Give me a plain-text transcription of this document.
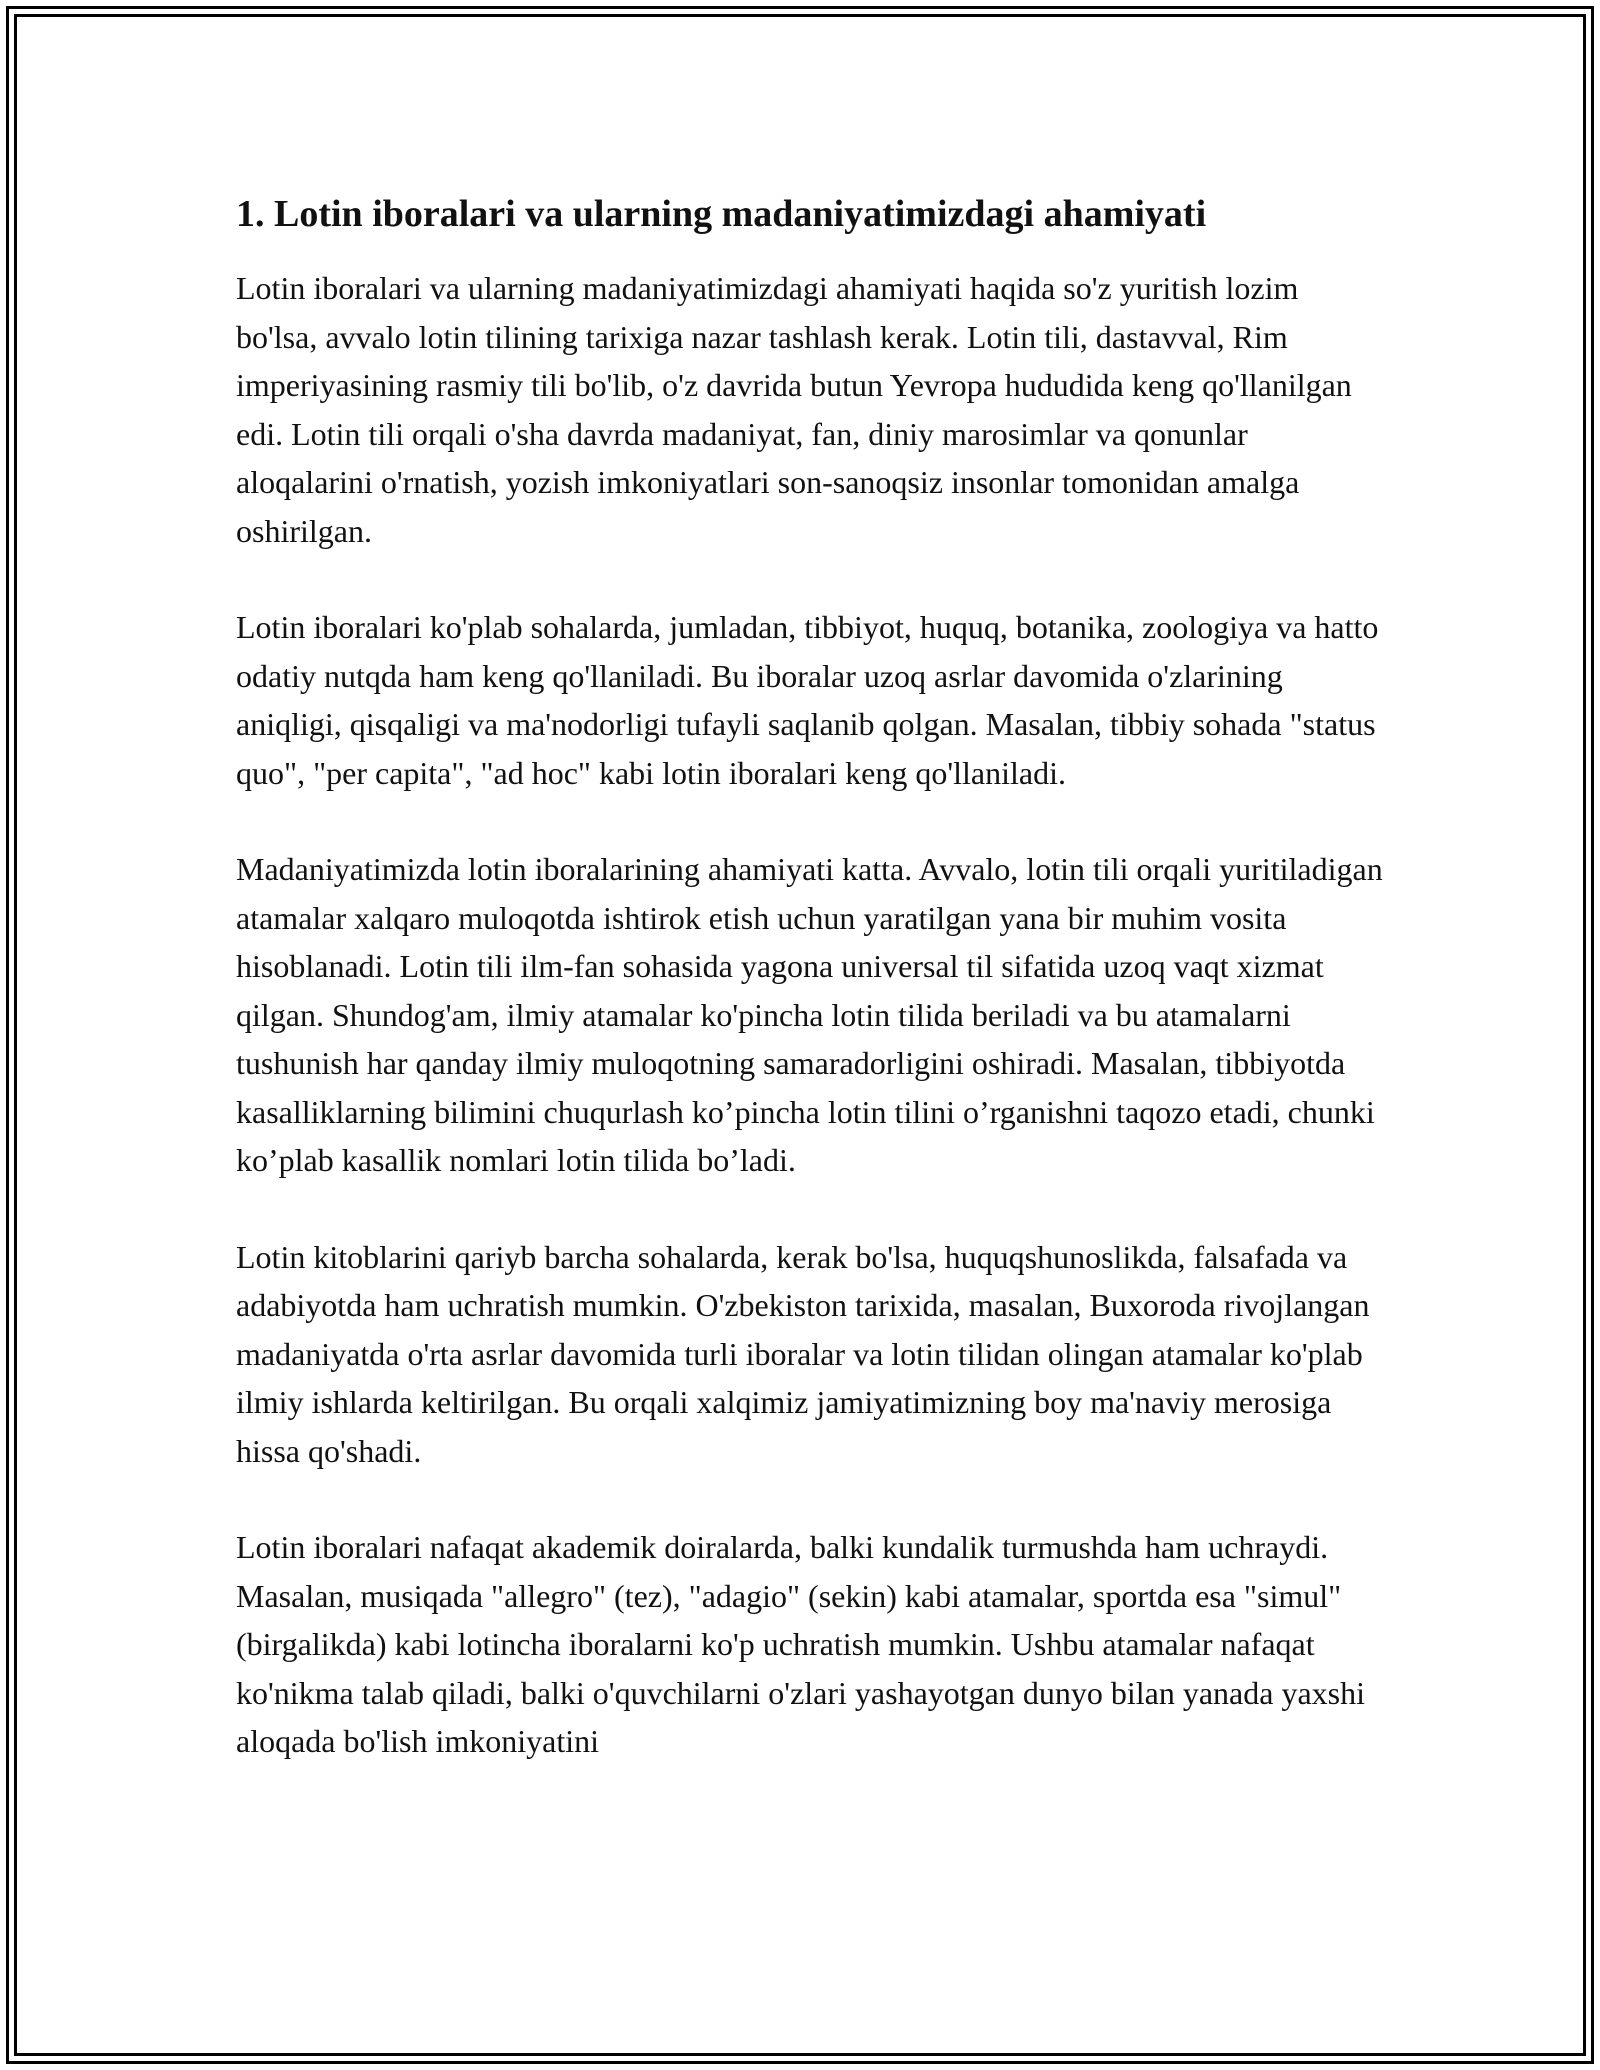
1. Lotin iboralari va ularning madaniyatimizdagi ahamiyati

Lotin iboralari va ularning madaniyatimizdagi ahamiyati haqida so'z yuritish lozim bo'lsa, avvalo lotin tilining tarixiga nazar tashlash kerak. Lotin tili, dastavval, Rim imperiyasining rasmiy tili bo'lib, o'z davrida butun Yevropa hududida keng qo'llanilgan edi. Lotin tili orqali o'sha davrda madaniyat, fan, diniy marosimlar va qonunlar aloqalarini o'rnatish, yozish imkoniyatlari son-sanoqsiz insonlar tomonidan amalga oshirilgan.

Lotin iboralari ko'plab sohalarda, jumladan, tibbiyot, huquq, botanika, zoologiya va hatto odatiy nutqda ham keng qo'llaniladi. Bu iboralar uzoq asrlar davomida o'zlarining aniqligi, qisqaligi va ma'nodorligi tufayli saqlanib qolgan. Masalan, tibbiy sohada "status quo", "per capita", "ad hoc" kabi lotin iboralari keng qo'llaniladi.

Madaniyatimizda lotin iboralarining ahamiyati katta. Avvalo, lotin tili orqali yuritiladigan atamalar xalqaro muloqotda ishtirok etish uchun yaratilgan yana bir muhim vosita hisoblanadi. Lotin tili ilm-fan sohasida yagona universal til sifatida uzoq vaqt xizmat qilgan. Shundog'am, ilmiy atamalar ko'pincha lotin tilida beriladi va bu atamalarni tushunish har qanday ilmiy muloqotning samaradorligini oshiradi. Masalan, tibbiyotda kasalliklarning bilimini chuqurlash ko’pincha lotin tilini o’rganishni taqozo etadi, chunki ko’plab kasallik nomlari lotin tilida bo’ladi.

Lotin kitoblarini qariyb barcha sohalarda, kerak bo'lsa, huquqshunoslikda, falsafada va adabiyotda ham uchratish mumkin. O'zbekiston tarixida, masalan, Buxoroda rivojlangan madaniyatda o'rta asrlar davomida turli iboralar va lotin tilidan olingan atamalar ko'plab ilmiy ishlarda keltirilgan. Bu orqali xalqimiz jamiyatimizning boy ma'naviy merosiga hissa qo'shadi.

Lotin iboralari nafaqat akademik doiralarda, balki kundalik turmushda ham uchraydi. Masalan, musiqada "allegro" (tez), "adagio" (sekin) kabi atamalar, sportda esa "simul" (birgalikda) kabi lotincha iboralarni ko'p uchratish mumkin. Ushbu atamalar nafaqat ko'nikma talab qiladi, balki o'quvchilarni o'zlari yashayotgan dunyo bilan yanada yaxshi aloqada bo'lish imkoniyatini
